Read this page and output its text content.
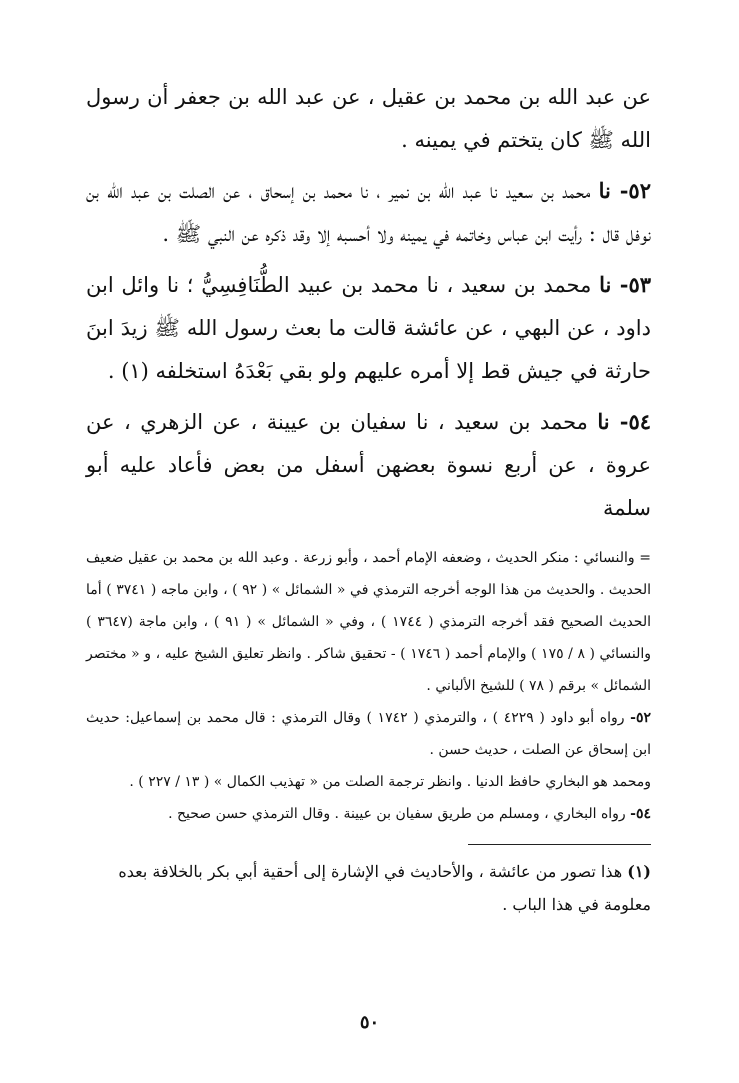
عن عبد الله بن محمد بن عقيل ، عن عبد الله بن جعفر أن رسول الله ﷺ كان يتختم في يمينه .

٥٢- نا محمد بن سعيد نا عبد الله بن نمير ، نا محمد بن إسحاق ، عن الصلت بن عبد الله بن نوفل قال : رأيت ابن عباس وخاتمه في يمينه ولا أحسبه إلا وقد ذكره عن النبي ﷺ .

٥٣- نا محمد بن سعيد ، نا محمد بن عبيد الطُّنَافِسِيُّ ؛ نا وائل ابن داود ، عن البهي ، عن عائشة قالت ما بعث رسول الله ﷺ زيدَ ابنَ حارثة في جيش قط إلا أمره عليهم ولو بقي بَعْدَهُ استخلفه (١) .

٥٤- نا محمد بن سعيد ، نا سفيان بن عيينة ، عن الزهري ، عن عروة ، عن أربع نسوة بعضهن أسفل من بعض فأعاد عليه أبو سلمة

= والنسائي : منكر الحديث ، وضعفه الإمام أحمد ، وأبو زرعة . وعبد الله بن محمد بن عقيل ضعيف الحديث . والحديث من هذا الوجه أخرجه الترمذي في « الشمائل » ( ٩٢ ) ، وابن ماجه ( ٣٧٤١ ) أما الحديث الصحيح فقد أخرجه الترمذي ( ١٧٤٤ ) ، وفي « الشمائل » ( ٩١ ) ، وابن ماجة (٣٦٤٧ ) والنسائي ( ٨ / ١٧٥ ) والإمام أحمد ( ١٧٤٦ ) - تحقيق شاكر . وانظر تعليق الشيخ عليه ، و « مختصر الشمائل » برقم ( ٧٨ ) للشيخ الألباني .

٥٢- رواه أبو داود ( ٤٢٢٩ ) ، والترمذي ( ١٧٤٢ ) وقال الترمذي : قال محمد بن إسماعيل: حديث ابن إسحاق عن الصلت ، حديث حسن .

ومحمد هو البخاري حافظ الدنيا . وانظر ترجمة الصلت من « تهذيب الكمال » ( ١٣ / ٢٢٧ ) .

٥٤- رواه البخاري ، ومسلم من طريق سفيان بن عيينة . وقال الترمذي حسن صحيح .

(١) هذا تصور من عائشة ، والأحاديث في الإشارة إلى أحقية أبي بكر بالخلافة بعده معلومة في هذا الباب .

٥٠
